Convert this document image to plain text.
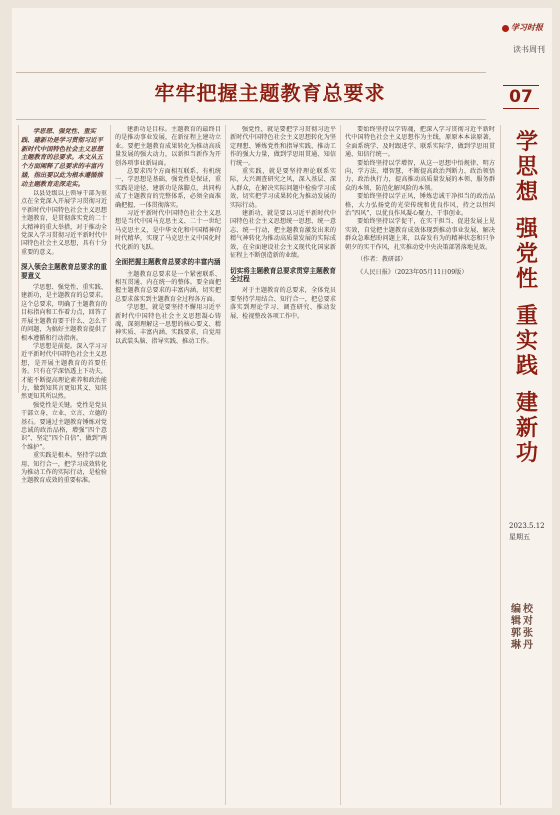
学习时报
读书周刊
07
牢牢把握主题教育总要求
学
思
想
强
党
性
重
实
践
建
新
功
2023.5.12
星期五
编
辑
郭
琳
校
对
张
丹

学思想、强党性、重实践、建新功是学习贯彻习近平新时代中国特色社会主义思想主题教育的总要求。本文从五个方面阐释了总要求的丰富内涵，指出要以此为根本遵循推动主题教育走深走实。

以县处级以上领导干部为重点在全党深入开展学习贯彻习近平新时代中国特色社会主义思想主题教育，是贯彻落实党的二十大精神的重大举措，对于推动全党深入学习贯彻习近平新时代中国特色社会主义思想，具有十分重要的意义。

深入领会主题教育总要求的重要意义

学思想、强党性、重实践、建新功，是主题教育的总要求。这个总要求，明确了主题教育的目标指向和工作着力点，回答了开展主题教育要干什么、怎么干的问题，为搞好主题教育提供了根本遵循和行动指南。

学思想是前提。深入学习习近平新时代中国特色社会主义思想，是开展主题教育的首要任务。只有在学深悟透上下功夫，才能不断提高理论素养和政治能力，做到知其言更知其义、知其然更知其所以然。

强党性是关键。党性是党员干部立身、立业、立言、立德的基石。要通过主题教育锤炼对党忠诚的政治品格，增强“四个意识”、坚定“四个自信”、做到“两个维护”。

重实践是根本。坚持学以致用、知行合一，把学习成效转化为推动工作的实际行动，是检验主题教育成效的重要标准。

建新功是目标。主题教育的最终目的是推动事业发展，在新征程上建功立业。要把主题教育成果转化为推动高质量发展的强大动力，以新担当新作为开创各项事业新局面。

总要求四个方面相互联系、有机统一，学思想是基础，强党性是保证，重实践是途径，建新功是落脚点，共同构成了主题教育的完整体系，必须全面准确把握、一体贯彻落实。

习近平新时代中国特色社会主义思想是当代中国马克思主义、二十一世纪马克思主义，是中华文化和中国精神的时代精华，实现了马克思主义中国化时代化新的飞跃。

全面把握主题教育总要求的丰富内涵

主题教育总要求是一个紧密联系、相互贯通、内在统一的整体。要全面把握主题教育总要求的丰富内涵，切实把总要求落实到主题教育全过程各方面。

学思想，就是要坚持不懈用习近平新时代中国特色社会主义思想凝心铸魂，深刻理解这一思想的核心要义、精神实质、丰富内涵、实践要求，自觉用以武装头脑、指导实践、推动工作。

强党性，就是要把学习贯彻习近平新时代中国特色社会主义思想转化为坚定理想、锤炼党性和指导实践、推动工作的强大力量，做到学思用贯通、知信行统一。

重实践，就是要坚持理论联系实际，大兴调查研究之风，深入基层、深入群众，在解决实际问题中检验学习成效，切实把学习成果转化为推动发展的实际行动。

建新功，就是要以习近平新时代中国特色社会主义思想统一思想、统一意志、统一行动，把主题教育激发出来的精气神转化为推动高质量发展的实际成效，在全面建设社会主义现代化国家新征程上不断创造新的业绩。

切实将主题教育总要求贯穿主题教育全过程

对于主题教育的总要求，全体党员要坚持学用结合、知行合一，把总要求落实到理论学习、调查研究、推动发展、检视整改各项工作中。

要始终坚持以学铸魂，把深入学习贯彻习近平新时代中国特色社会主义思想作为主线，原原本本读原著，全面系统学、及时跟进学、联系实际学，做到学思用贯通、知信行统一。

要始终坚持以学增智，从这一思想中悟规律、明方向、学方法、增智慧，不断提高政治判断力、政治领悟力、政治执行力，提高推动高质量发展的本领、服务群众的本领、防范化解风险的本领。

要始终坚持以学正风，锤炼忠诚干净担当的政治品格，大力弘扬党的光荣传统和优良作风，持之以恒纠治“四风”，以优良作风凝心聚力、干事创业。

要始终坚持以学促干，在实干担当、促进发展上见实效，自觉把主题教育成效体现到推动事业发展、解决群众急难愁盼问题上来，以奋发有为的精神状态和只争朝夕的实干作风，扎实推动党中央决策部署落地见效。

（作者：教研部）

《人民日报》（2023年05月11日09版）
